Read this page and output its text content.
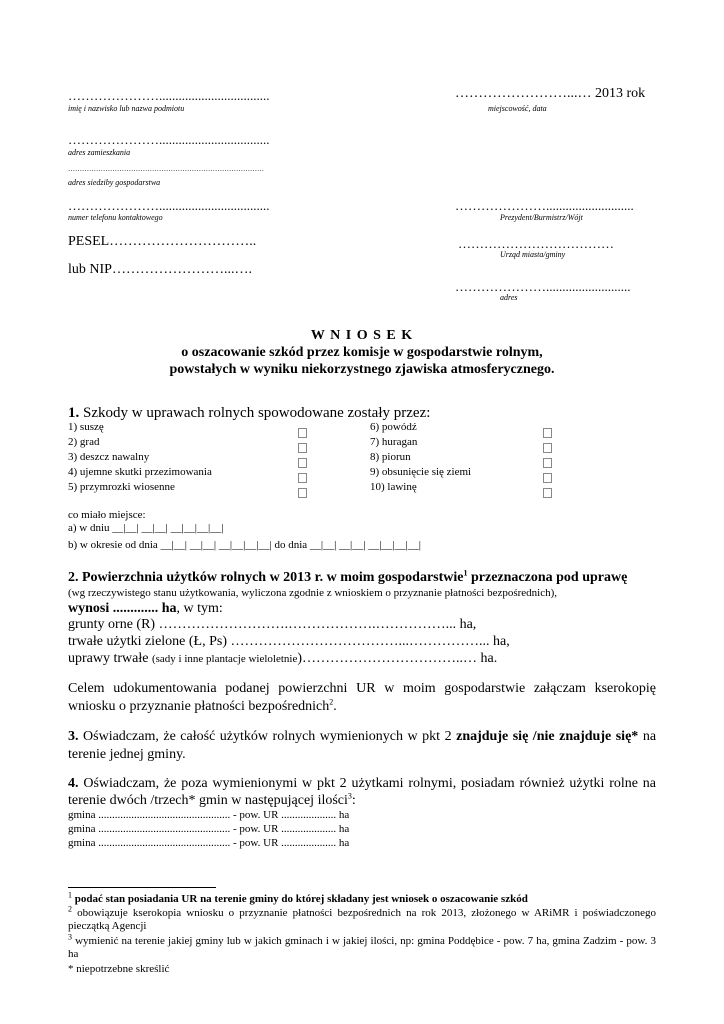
…………………..................................
imię i nazwisko lub nazwa podmiotu
…………………..................................
adres zamieszkania
…………………………………………………………………………
adres siedziby gospodarstwa
…………………..................................
numer telefonu kontaktowego
PESEL…………………………..
lub NIP……………………...….
……………………...… 2013 rok
miejscowość, data
…………………...........................
Prezydent/Burmistrz/Wójt
………………………………
Urząd miasta/gminy
…………………..........................
adres
W N I O S E K
o oszacowanie szkód przez komisje w gospodarstwie rolnym,
powstałych w wyniku niekorzystnego zjawiska atmosferycznego.
1. Szkody w uprawach rolnych spowodowane zostały przez:
1) suszę
2) grad
3) deszcz nawalny
4) ujemne skutki przezimowania
5) przymrozki wiosenne
6) powódź
7) huragan
8) piorun
9) obsunięcie się ziemi
10) lawinę
co miało miejsce:
a) w dniu __|__| __|__| __|__|__|__|
b) w okresie od dnia __|__| __|__| __|__|__|__| do dnia __|__| __|__| __|__|__|__|
2. Powierzchnia użytków rolnych w 2013 r. w moim gospodarstwie$^1$ przeznaczona pod uprawę
(wg rzeczywistego stanu użytkowania, wyliczona zgodnie z wnioskiem o przyznanie płatności bezpośrednich),
wynosi ............. ha, w tym:
grunty orne (R) ……………………….……………….……………... ha,
trwałe użytki zielone (Ł, Ps) ………………………………...……………... ha,
uprawy trwałe (sady i inne plantacje wieloletnie)……………………………..… ha.
Celem udokumentowania podanej powierzchni UR w moim gospodarstwie załączam kserokopię wniosku o przyznanie płatności bezpośrednich$^2$.
3. Oświadczam, że całość użytków rolnych wymienionych w pkt 2 znajduje się /nie znajduje się* na terenie jednej gminy.
4. Oświadczam, że poza wymienionymi w pkt 2 użytkami rolnymi, posiadam również użytki rolne na terenie dwóch /trzech* gmin w następującej ilości$^3$:
gmina ................................................ - pow. UR .................... ha
gmina ................................................ - pow. UR .................... ha
gmina ................................................ - pow. UR .................... ha
$^1$ podać stan posiadania UR na terenie gminy do której składany jest wniosek o oszacowanie szkód
$^2$ obowiązuje kserokopia wniosku o przyznanie płatności bezpośrednich na rok 2013, złożonego w ARiMR i poświadczonego pieczątką Agencji
$^3$ wymienić na terenie jakiej gminy lub w jakich gminach i w jakiej ilości, np: gmina Poddębice - pow. 7 ha, gmina Zadzim - pow. 3 ha
* niepotrzebne skreślić
